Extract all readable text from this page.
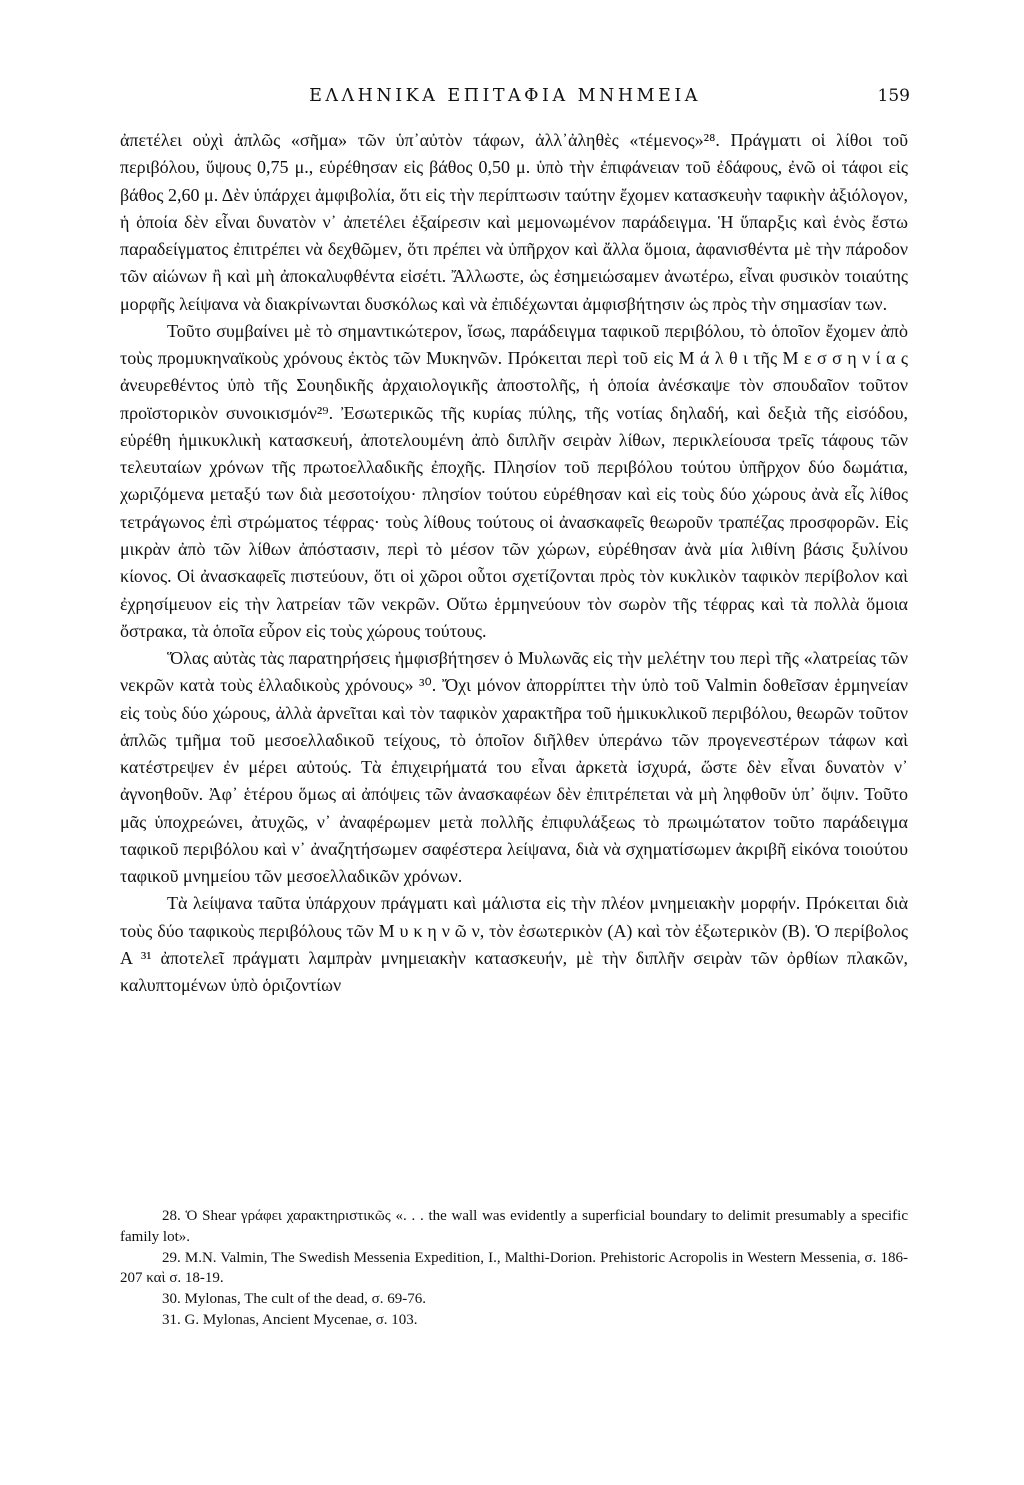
ΕΛΛΗΝΙΚΑ ΕΠΙΤΑΦΙΑ ΜΝΗΜΕΙΑ	159

ἀπετέλει οὐχὶ ἁπλῶς «σῆμα» τῶν ὑπ᾿αὐτὸν τάφων, ἀλλ᾿ἀληθὲς «τέμενος»²⁸. Πράγματι οἱ λίθοι τοῦ περιβόλου, ὕψους 0,75 μ., εὑρέθησαν εἰς βάθος 0,50 μ. ὑπὸ τὴν ἐπιφάνειαν τοῦ ἐδάφους, ἐνῶ οἱ τάφοι εἰς βάθος 2,60 μ. Δὲν ὑπάρχει ἀμφιβολία, ὅτι εἰς τὴν περίπτωσιν ταύτην ἔχομεν κατασκευὴν ταφικὴν ἀξιόλογον, ἡ ὁποία δὲν εἶναι δυνατὸν ν᾿ ἀπετέλει ἐξαίρεσιν καὶ μεμονωμένον παράδειγμα. Ἡ ὕπαρξις καὶ ἑνὸς ἔστω παραδείγματος ἐπιτρέπει νὰ δεχθῶμεν, ὅτι πρέπει νὰ ὑπῆρχον καὶ ἄλλα ὅμοια, ἀφανισθέντα μὲ τὴν πάροδον τῶν αἰώνων ἢ καὶ μὴ ἀποκαλυφθέντα εἰσέτι. Ἄλλωστε, ὡς ἐσημειώσαμεν ἀνωτέρω, εἶναι φυσικὸν τοιαύτης μορφῆς λείψανα νὰ διακρίνωνται δυσκόλως καὶ νὰ ἐπιδέχωνται ἀμφισβήτησιν ὡς πρὸς τὴν σημασίαν των.

Τοῦτο συμβαίνει μὲ τὸ σημαντικώτερον, ἴσως, παράδειγμα ταφικοῦ περιβόλου, τὸ ὁποῖον ἔχομεν ἀπὸ τοὺς προμυκηναϊκοὺς χρόνους ἐκτὸς τῶν Μυκηνῶν. Πρόκειται περὶ τοῦ εἰς Μ ά λ θ ι τῆς Μ ε σ σ η ν ί α ς ἀνευρεθέντος ὑπὸ τῆς Σουηδικῆς ἀρχαιολογικῆς ἀποστολῆς, ἡ ὁποία ἀνέσκαψε τὸν σπουδαῖον τοῦτον προϊστορικὸν συνοικισμόν²⁹. Ἐσωτερικῶς τῆς κυρίας πύλης, τῆς νοτίας δηλαδή, καὶ δεξιὰ τῆς εἰσόδου, εὑρέθη ἡμικυκλικὴ κατασκευή, ἀποτελουμένη ἀπὸ διπλῆν σειρὰν λίθων, περικλείουσα τρεῖς τάφους τῶν τελευταίων χρόνων τῆς πρωτοελλαδικῆς ἐποχῆς. Πλησίον τοῦ περιβόλου τούτου ὑπῆρχον δύο δωμάτια, χωριζόμενα μεταξύ των διὰ μεσοτοίχου· πλησίον τούτου εὑρέθησαν καὶ εἰς τοὺς δύο χώρους ἀνὰ εἷς λίθος τετράγωνος ἐπὶ στρώματος τέφρας· τοὺς λίθους τούτους οἱ ἀνασκαφεῖς θεωροῦν τραπέζας προσφορῶν. Εἰς μικρὰν ἀπὸ τῶν λίθων ἀπόστασιν, περὶ τὸ μέσον τῶν χώρων, εὑρέθησαν ἀνὰ μία λιθίνη βάσις ξυλίνου κίονος. Οἱ ἀνασκαφεῖς πιστεύουν, ὅτι οἱ χῶροι οὗτοι σχετίζονται πρὸς τὸν κυκλικὸν ταφικὸν περίβολον καὶ ἐχρησίμευον εἰς τὴν λατρείαν τῶν νεκρῶν. Οὕτω ἑρμηνεύουν τὸν σωρὸν τῆς τέφρας καὶ τὰ πολλὰ ὅμοια ὄστρακα, τὰ ὁποῖα εὗρον εἰς τοὺς χώρους τούτους.

Ὅλας αὐτὰς τὰς παρατηρήσεις ἠμφισβήτησεν ὁ Μυλωνᾶς εἰς τὴν μελέτην του περὶ τῆς «λατρείας τῶν νεκρῶν κατὰ τοὺς ἑλλαδικοὺς χρόνους» ³⁰. Ὄχι μόνον ἀπορρίπτει τὴν ὑπὸ τοῦ Valmin δοθεῖσαν ἑρμηνείαν εἰς τοὺς δύο χώρους, ἀλλὰ ἀρνεῖται καὶ τὸν ταφικὸν χαρακτῆρα τοῦ ἡμικυκλικοῦ περιβόλου, θεωρῶν τοῦτον ἁπλῶς τμῆμα τοῦ μεσοελλαδικοῦ τείχους, τὸ ὁποῖον διῆλθεν ὑπεράνω τῶν προγενεστέρων τάφων καὶ κατέστρεψεν ἐν μέρει αὐτούς. Τὰ ἐπιχειρήματά του εἶναι ἀρκετὰ ἰσχυρά, ὥστε δὲν εἶναι δυνατὸν ν᾿ ἀγνοηθοῦν. Ἀφ᾿ ἑτέρου ὅμως αἱ ἀπόψεις τῶν ἀνασκαφέων δὲν ἐπιτρέπεται νὰ μὴ ληφθοῦν ὑπ᾿ ὄψιν. Τοῦτο μᾶς ὑποχρεώνει, ἀτυχῶς, ν᾿ ἀναφέρωμεν μετὰ πολλῆς ἐπιφυλάξεως τὸ πρωιμώτατον τοῦτο παράδειγμα ταφικοῦ περιβόλου καὶ ν᾿ ἀναζητήσωμεν σαφέστερα λείψανα, διὰ νὰ σχηματίσωμεν ἀκριβῆ εἰκόνα τοιούτου ταφικοῦ μνημείου τῶν μεσοελλαδικῶν χρόνων.

Τὰ λείψανα ταῦτα ὑπάρχουν πράγματι καὶ μάλιστα εἰς τὴν πλέον μνημειακὴν μορφήν. Πρόκειται διὰ τοὺς δύο ταφικοὺς περιβόλους τῶν Μ υ κ η ν ῶ ν, τὸν ἐσωτερικὸν (Α) καὶ τὸν ἐξωτερικὸν (Β). Ὁ περίβολος Α ³¹ ἀποτελεῖ πράγματι λαμπρὰν μνημειακὴν κατασκευήν, μὲ τὴν διπλῆν σειρὰν τῶν ὀρθίων πλακῶν, καλυπτομένων ὑπὸ ὁριζοντίων

28. Ὁ Shear γράφει χαρακτηριστικῶς «. . . the wall was evidently a superficial boundary to delimit presumably a specific family lot».

29. M.N. Valmin, The Swedish Messenia Expedition, I., Malthi-Dorion. Prehistoric Acropolis in Western Messenia, σ. 186-207 καὶ σ. 18-19.

30. Mylonas, The cult of the dead, σ. 69-76.

31. G. Mylonas, Ancient Mycenae, σ. 103.
